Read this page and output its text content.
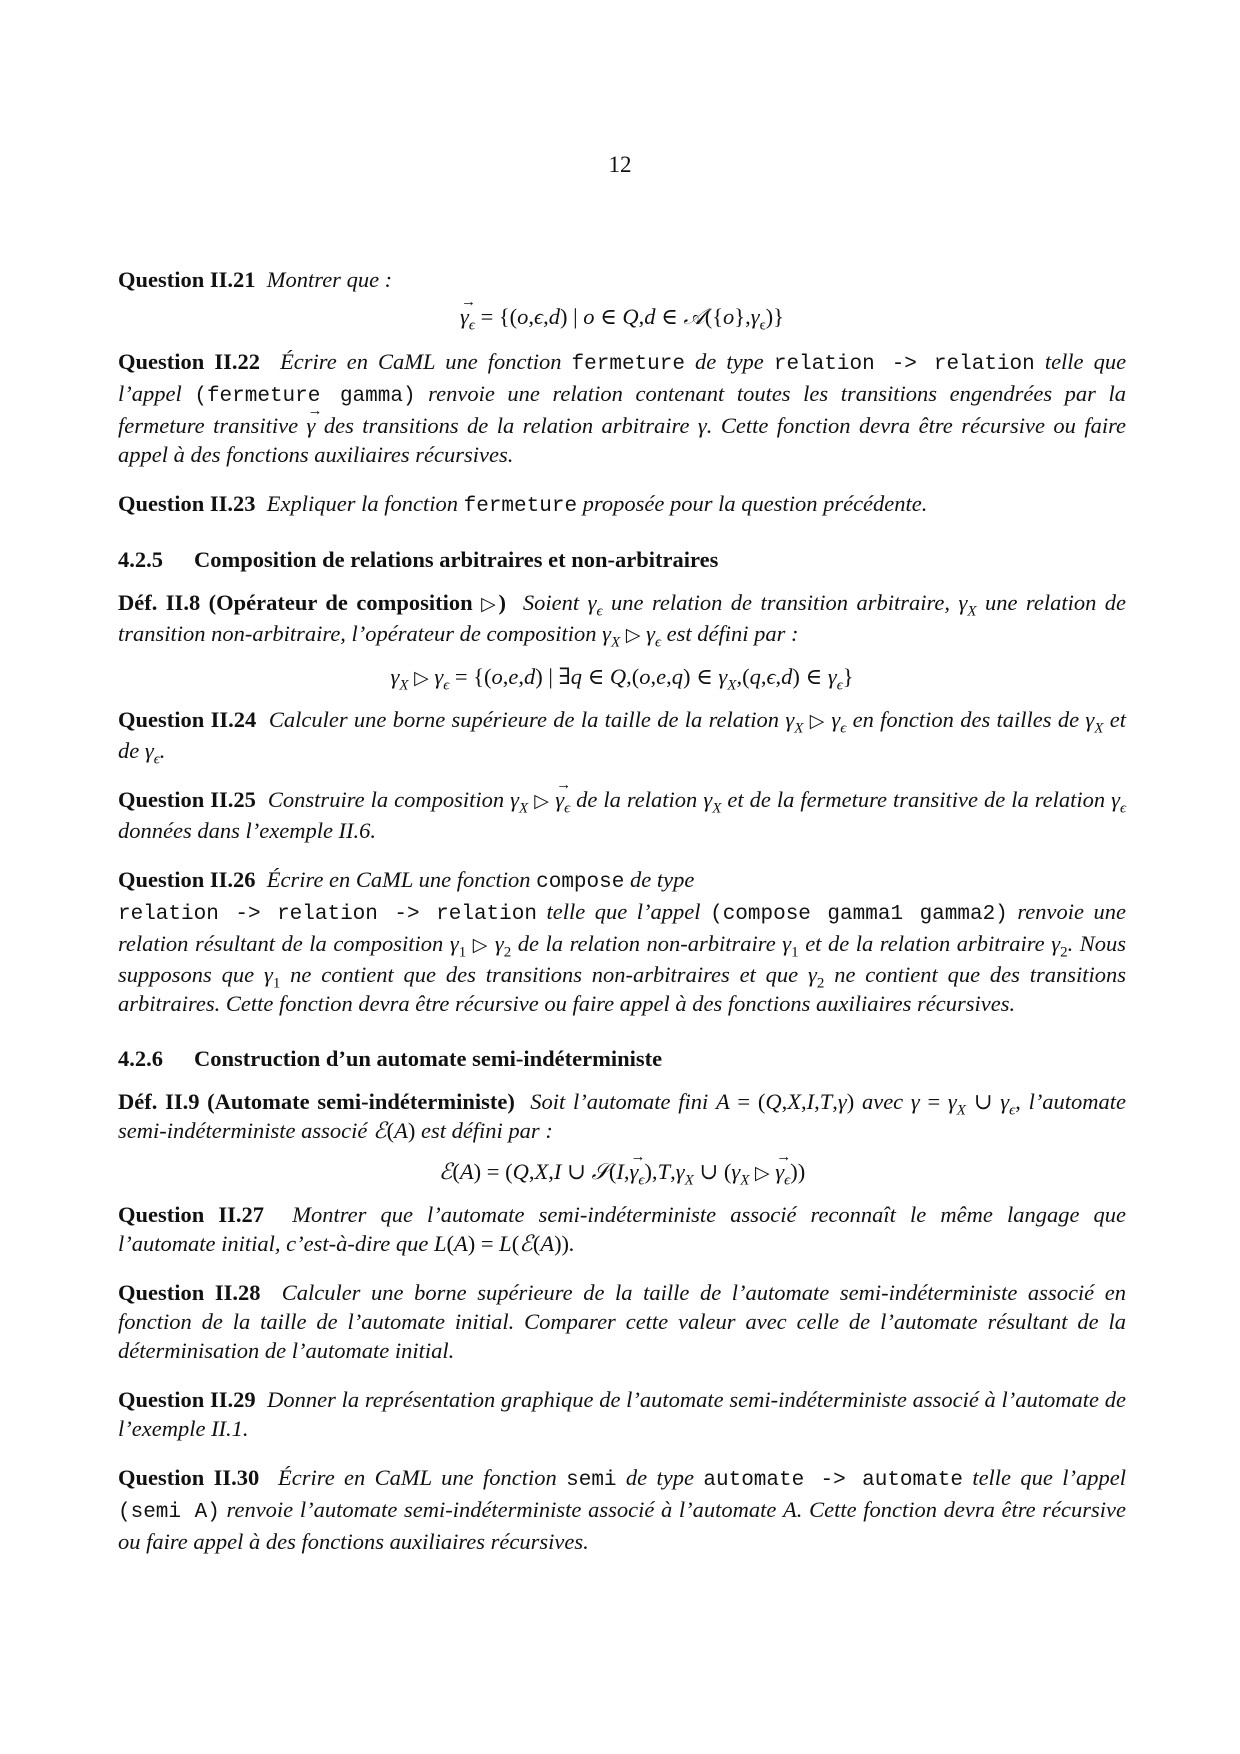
12
Question II.21 Montrer que :
→ $\gamma_\epsilon = \{(o,\epsilon,d)$ | o ∈ Q,d ∈ $𝒜(\{o\},\gamma_\epsilon)$}
Question II.22 Écrire en CaML une fonction fermeture de type relation -> relation telle que l’appel (fermeture gamma) renvoie une relation contenant toutes les transitions engendrées par la fermeture transitive → γ des transitions de la relation arbitraire γ. Cette fonction devra être récursive ou faire appel à des fonctions auxiliaires récursives.
Question II.23 Expliquer la fonction fermeture proposée pour la question précédente.
4.2.5 Composition de relations arbitraires et non-arbitraires
Déf. II.8 (Opérateur de composition ▷) Soient $\gamma_\epsilon$ une relation de transition arbitraire, $\gamma_X$ une relation de transition non-arbitraire, l’opérateur de composition $\gamma_X$ ▷ $\gamma_\epsilon$ est défini par :
$\gamma_X$ ▷ $\gamma_\epsilon = \{(o,e,d)$ | ∃q ∈ Q,(o,e,q) ∈ $\gamma_X,(q,\epsilon,d)$ ∈ $\gamma_\epsilon$}
Question II.24 Calculer une borne supérieure de la taille de la relation $\gamma_X$ ▷ $\gamma_\epsilon$ en fonction des tailles de $\gamma_X$ et de $\gamma_\epsilon$.
Question II.25 Construire la composition $\gamma_X$ ▷ → $\gamma_\epsilon$ de la relation $\gamma_X$ et de la fermeture transitive de la relation $\gamma_\epsilon$ données dans l’exemple II.6.
Question II.26 Écrire en CaML une fonction compose de type
relation -> relation -> relation telle que l’appel (compose gamma1 gamma2) renvoie une relation résultant de la composition $\gamma_1$ ▷ $\gamma_2$ de la relation non-arbitraire $\gamma_1$ et de la relation arbitraire $\gamma_2$. Nous supposons que $\gamma_1$ ne contient que des transitions non-arbitraires et que $\gamma_2$ ne contient que des transitions arbitraires. Cette fonction devra être récursive ou faire appel à des fonctions auxiliaires récursives.
4.2.6 Construction d’un automate semi-indéterministe
Déf. II.9 (Automate semi-indéterministe) Soit l’automate fini A = (Q,X,I,T,γ) avec $\gamma = \gamma_X$ ∪ $\gamma_\epsilon$, l’automate semi-indéterministe associé ℰ(A) est défini par :
ℰ(A) = (Q,X,I ∪ 𝒮(I,→ $\gamma_\epsilon),T,\gamma_X$ ∪ ($\gamma_X$ ▷ → $\gamma_\epsilon$))
Question II.27 Montrer que l’automate semi-indéterministe associé reconnaît le même langage que l’automate initial, c’est-à-dire que L(A) = L(ℰ(A)).
Question II.28 Calculer une borne supérieure de la taille de l’automate semi-indéterministe associé en fonction de la taille de l’automate initial. Comparer cette valeur avec celle de l’automate résultant de la déterminisation de l’automate initial.
Question II.29 Donner la représentation graphique de l’automate semi-indéterministe associé à l’automate de l’exemple II.1.
Question II.30 Écrire en CaML une fonction semi de type automate -> automate telle que l’appel (semi A) renvoie l’automate semi-indéterministe associé à l’automate A. Cette fonction devra être récursive ou faire appel à des fonctions auxiliaires récursives.
